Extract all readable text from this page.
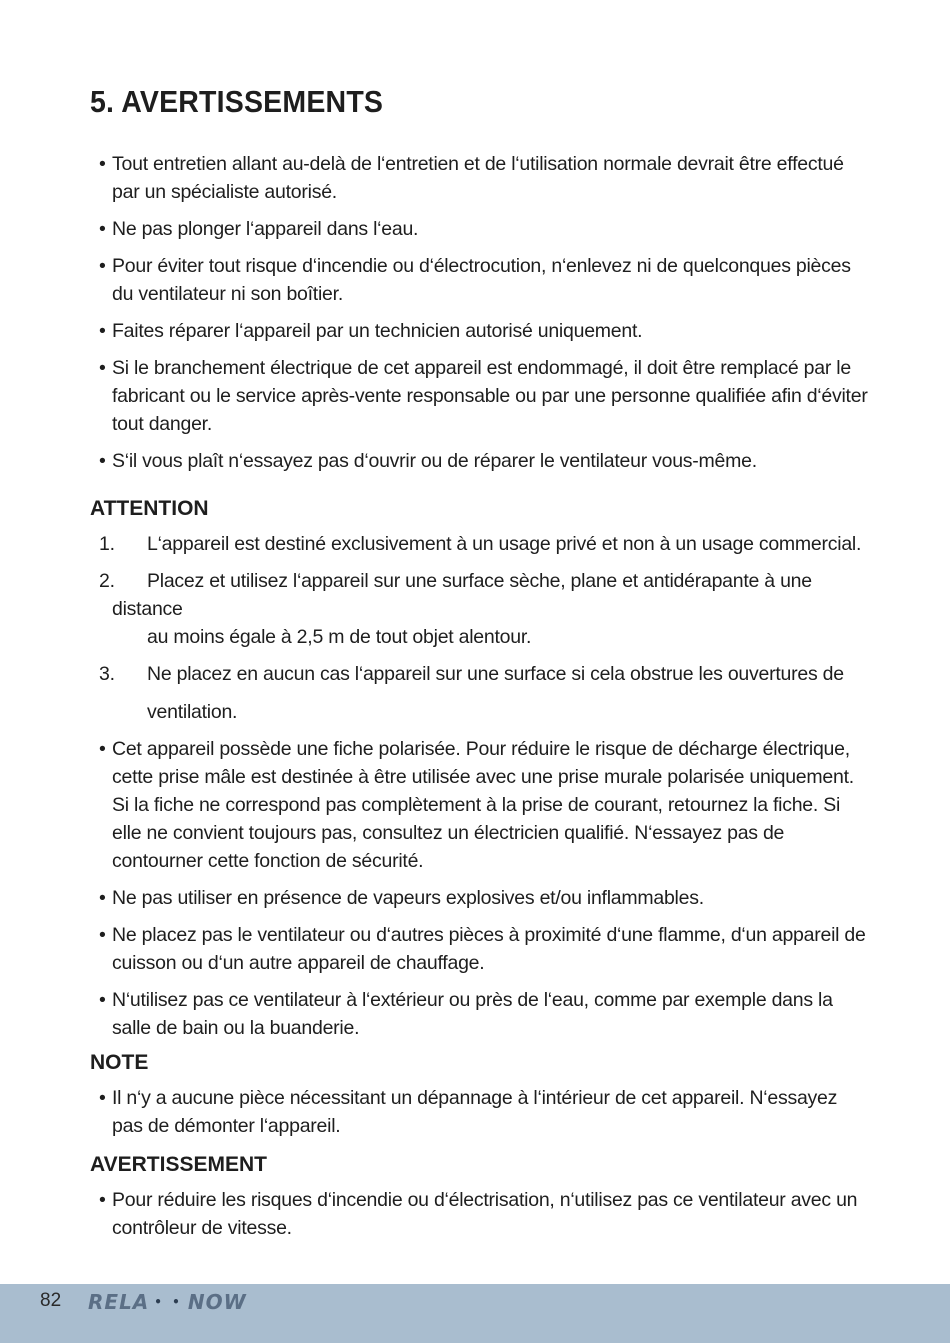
5. AVERTISSEMENTS
• Tout entretien allant au-delà de l‘entretien et de l‘utilisation normale devrait être effectué par un spécialiste autorisé.
• Ne pas plonger l‘appareil dans l‘eau.
• Pour éviter tout risque d‘incendie ou d‘électrocution, n‘enlevez ni de quelconques pièces du ventilateur ni son boîtier.
• Faites réparer l‘appareil par un technicien autorisé uniquement.
• Si le branchement électrique de cet appareil est endommagé, il doit être remplacé par le fabricant ou le service après-vente responsable ou par une personne qualifiée afin d‘éviter tout danger.
• S‘il vous plaît n‘essayez pas d‘ouvrir ou de réparer le ventilateur vous-même.
ATTENTION
1.	L‘appareil est destiné exclusivement à un usage privé et non à un usage commercial.
2.	Placez et utilisez l‘appareil sur une surface sèche, plane et antidérapante à une
distance
au moins égale à 2,5 m de tout objet alentour.
3.	Ne placez en aucun cas l‘appareil sur une surface si cela obstrue les ouvertures de
ventilation.
• Cet appareil possède une fiche polarisée. Pour réduire le risque de décharge électrique, cette prise mâle est destinée à être utilisée avec une prise murale polarisée uniquement. Si la fiche ne correspond pas complètement à la prise de courant, retournez la fiche. Si elle ne convient toujours pas, consultez un électricien qualifié. N‘essayez pas de contourner cette fonction de sécurité.
• Ne pas utiliser en présence de vapeurs explosives et/ou inflammables.
• Ne placez pas le ventilateur ou d‘autres pièces à proximité d‘une flamme, d‘un appareil de cuisson ou d‘un autre appareil de chauffage.
• N‘utilisez pas ce ventilateur à l‘extérieur ou près de l‘eau, comme par exemple dans la salle de bain ou la buanderie.
NOTE
• Il n‘y a aucune pièce nécessitant un dépannage à l‘intérieur de cet appareil. N‘essayez pas de démonter l‘appareil.
AVERTISSEMENT
• Pour réduire les risques d‘incendie ou d‘électrisation, n‘utilisez pas ce ventilateur avec un contrôleur de vitesse.
82 RELA • • NOW
